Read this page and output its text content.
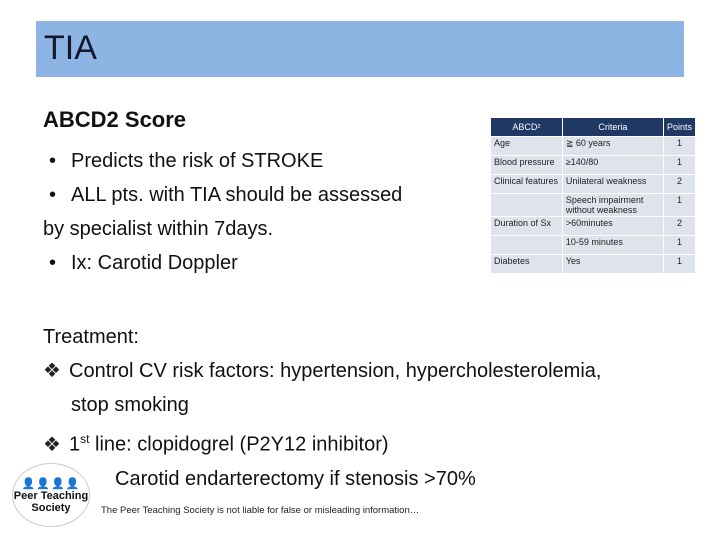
TIA
ABCD2 Score

• Predicts the risk of STROKE

• ALL pts. with TIA should be assessed

by specialist within 7days.

• Ix: Carotid Doppler

ABCD²	Criteria	Points
Age	≧ 60 years	1
Blood pressure	≥140/80	1
Clinical features	Unilateral weakness	2
	Speech impairment without weakness	1
Duration of Sx	>60minutes	2
	10-59 minutes	1
Diabetes	Yes	1

Treatment:

❖ Control CV risk factors: hypertension, hypercholesterolemia,

stop smoking

❖ 1st line: clopidogrel (P2Y12 inhibitor)

Carotid endarterectomy if stenosis >70%

👤👤👤👤
Peer Teaching
Society	The Peer Teaching Society is not liable for false or misleading information…
